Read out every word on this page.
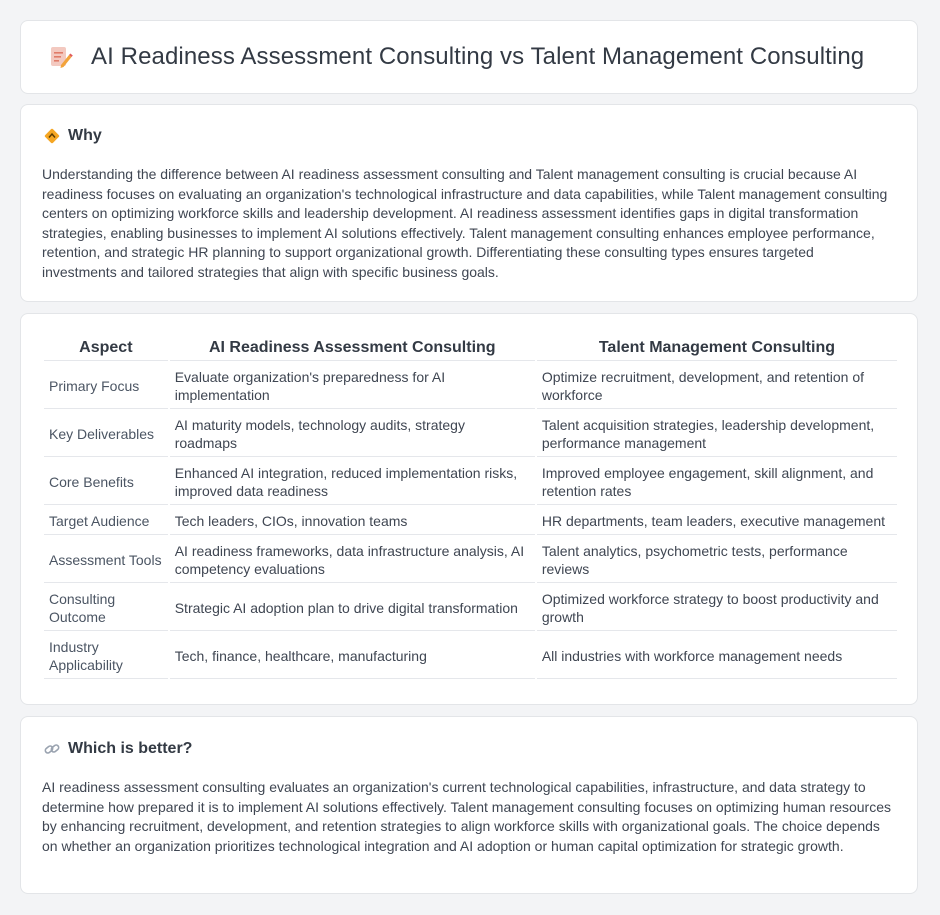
AI Readiness Assessment Consulting vs Talent Management Consulting
Why

Understanding the difference between AI readiness assessment consulting and Talent management consulting is crucial because AI readiness focuses on evaluating an organization's technological infrastructure and data capabilities, while Talent management consulting centers on optimizing workforce skills and leadership development. AI readiness assessment identifies gaps in digital transformation strategies, enabling businesses to implement AI solutions effectively. Talent management consulting enhances employee performance, retention, and strategic HR planning to support organizational growth. Differentiating these consulting types ensures targeted investments and tailored strategies that align with specific business goals.

Aspect	AI Readiness Assessment Consulting	Talent Management Consulting
Primary Focus	Evaluate organization's preparedness for AI implementation	Optimize recruitment, development, and retention of workforce
Key Deliverables	AI maturity models, technology audits, strategy roadmaps	Talent acquisition strategies, leadership development, performance management
Core Benefits	Enhanced AI integration, reduced implementation risks, improved data readiness	Improved employee engagement, skill alignment, and retention rates
Target Audience	Tech leaders, CIOs, innovation teams	HR departments, team leaders, executive management
Assessment Tools	AI readiness frameworks, data infrastructure analysis, AI competency evaluations	Talent analytics, psychometric tests, performance reviews
Consulting Outcome	Strategic AI adoption plan to drive digital transformation	Optimized workforce strategy to boost productivity and growth
Industry Applicability	Tech, finance, healthcare, manufacturing	All industries with workforce management needs
Which is better?

AI readiness assessment consulting evaluates an organization's current technological capabilities, infrastructure, and data strategy to determine how prepared it is to implement AI solutions effectively. Talent management consulting focuses on optimizing human resources by enhancing recruitment, development, and retention strategies to align workforce skills with organizational goals. The choice depends on whether an organization prioritizes technological integration and AI adoption or human capital optimization for strategic growth.
